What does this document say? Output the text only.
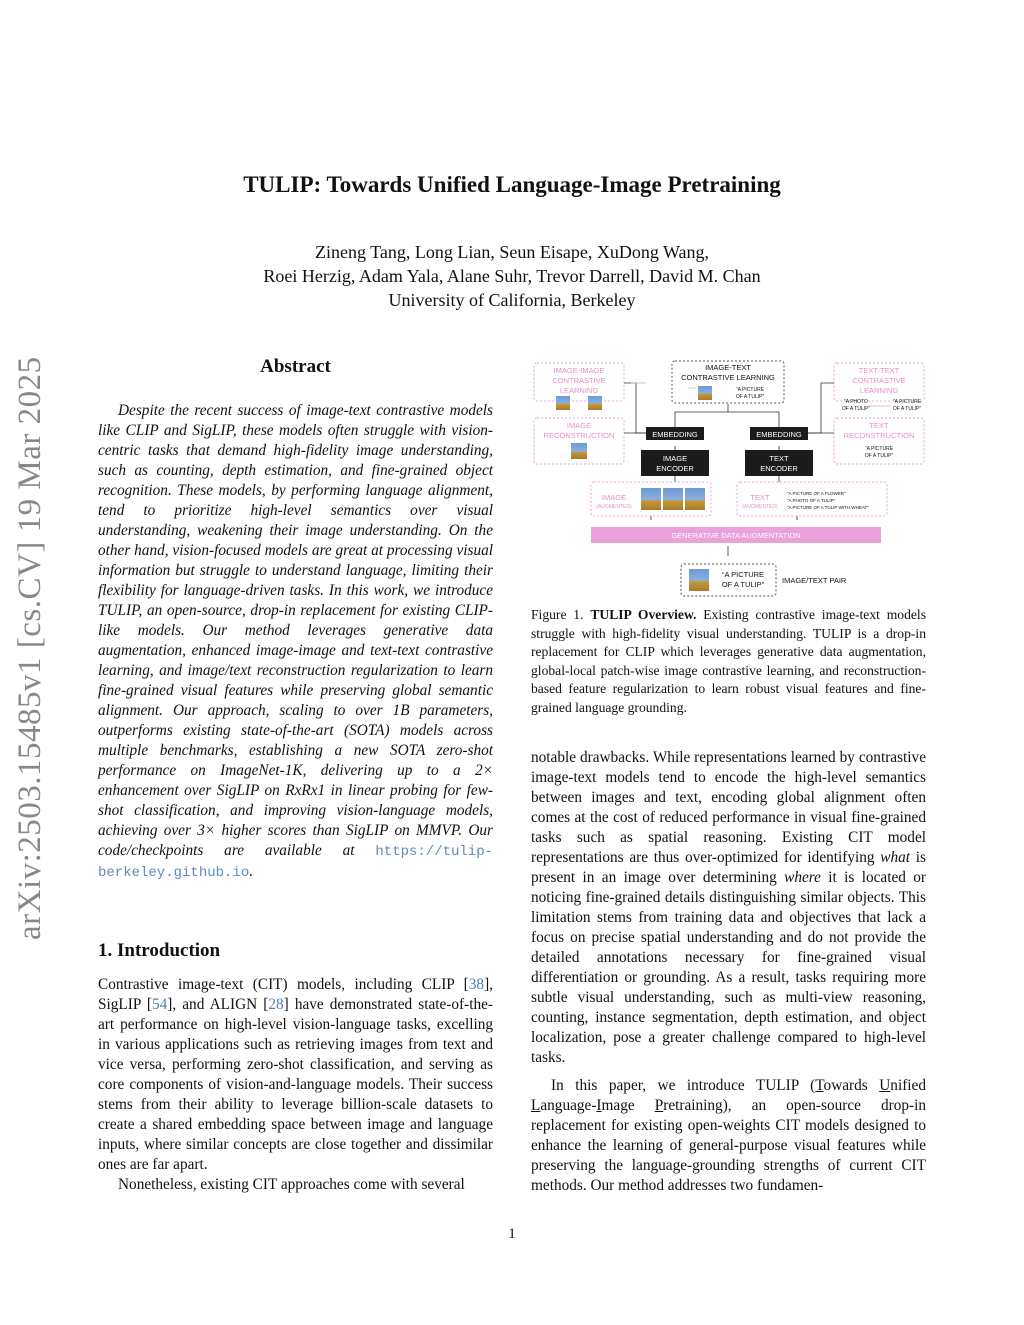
TULIP: Towards Unified Language-Image Pretraining
Zineng Tang, Long Lian, Seun Eisape, XuDong Wang,
Roei Herzig, Adam Yala, Alane Suhr, Trevor Darrell, David M. Chan
University of California, Berkeley
arXiv:2503.15485v1 [cs.CV] 19 Mar 2025	Abstract
Despite the recent success of image-text contrastive models like CLIP and SigLIP, these models often struggle with vision-centric tasks that demand high-fidelity image understanding, such as counting, depth estimation, and fine-grained object recognition. These models, by performing language alignment, tend to prioritize high-level semantics over visual understanding, weakening their image understanding. On the other hand, vision-focused models are great at processing visual information but struggle to understand language, limiting their flexibility for language-driven tasks. In this work, we introduce TULIP, an open-source, drop-in replacement for existing CLIP-like models. Our method leverages generative data augmentation, enhanced image-image and text-text contrastive learning, and image/text reconstruction regularization to learn fine-grained visual features while preserving global semantic alignment. Our approach, scaling to over 1B parameters, outperforms existing state-of-the-art (SOTA) models across multiple benchmarks, establishing a new SOTA zero-shot performance on ImageNet-1K, delivering up to a 2× enhancement over SigLIP on RxRx1 in linear probing for few-shot classification, and improving vision-language models, achieving over 3× higher scores than SigLIP on MMVP. Our code/checkpoints are available at https://tulip-berkeley.github.io.
1. Introduction
Contrastive image-text (CIT) models, including CLIP [38], SigLIP [54], and ALIGN [28] have demonstrated state-of-the-art performance on high-level vision-language tasks, excelling in various applications such as retrieving images from text and vice versa, performing zero-shot classification, and serving as core components of vision-and-language models. Their success stems from their ability to leverage billion-scale datasets to create a shared embedding space between image and language inputs, where similar concepts are close together and dissimilar ones are far apart.
Nonetheless, existing CIT approaches come with several
IMAGE-IMAGE
CONTRASTIVE
LEARNING
IMAGE
RECONSTRUCTION
IMAGE-TEXT
CONTRASTIVE LEARNING
“A PICTURE
OF A TULIP”
TEXT-TEXT
CONTRASTIVE
LEARNING
“A PHOTO
OF A TULIP”
“A PICTURE
OF A TULIP”
TEXT
RECONSTRUCTION
“A PICTURE
OF A TULIP”
EMBEDDING	EMBEDDING
IMAGE
ENCODER
TEXT
ENCODER
IMAGE
(AUGMENTED)
TEXT
(AUGMENTED)
“A PICTURE OF A FLOWER”
“A PHOTO OF A TULIP”
“A PICTURE OF A TULIP WITH WHEAT”
GENERATIVE DATA AUGMENTATION
“A PICTURE
OF A TULIP” IMAGE/TEXT PAIR
Figure 1. TULIP Overview. Existing contrastive image-text models struggle with high-fidelity visual understanding. TULIP is a drop-in replacement for CLIP which leverages generative data augmentation, global-local patch-wise image contrastive learning, and reconstruction-based feature regularization to learn robust visual features and fine-grained language grounding.
notable drawbacks. While representations learned by contrastive image-text models tend to encode the high-level semantics between images and text, encoding global alignment often comes at the cost of reduced performance in visual fine-grained tasks such as spatial reasoning. Existing CIT model representations are thus over-optimized for identifying what is present in an image over determining where it is located or noticing fine-grained details distinguishing similar objects. This limitation stems from training data and objectives that lack a focus on precise spatial understanding and do not provide the detailed annotations necessary for fine-grained visual differentiation or grounding. As a result, tasks requiring more subtle visual understanding, such as multi-view reasoning, counting, instance segmentation, depth estimation, and object localization, pose a greater challenge compared to high-level tasks.
In this paper, we introduce TULIP (Towards Unified Language-Image Pretraining), an open-source drop-in replacement for existing open-weights CIT models designed to enhance the learning of general-purpose visual features while preserving the language-grounding strengths of current CIT methods. Our method addresses two fundamen-
1
